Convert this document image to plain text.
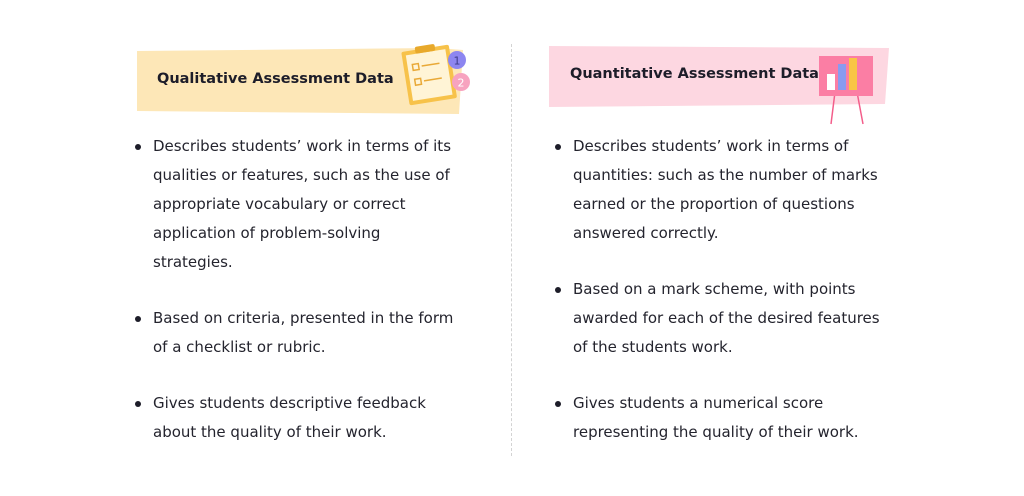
Qualitative Assessment Data
1
2
Describes students’ work in terms of its qualities or features, such as the use of appropriate vocabulary or correct application of problem-solving strategies.
Based on criteria, presented in the form of a checklist or rubric.
Gives students descriptive feedback about the quality of their work.
Quantitative Assessment Data
Describes students’ work in terms of quantities: such as the number of marks earned or the proportion of questions answered correctly.
Based on a mark scheme, with points awarded for each of the desired features of the students work.
Gives students a numerical score representing the quality of their work.
